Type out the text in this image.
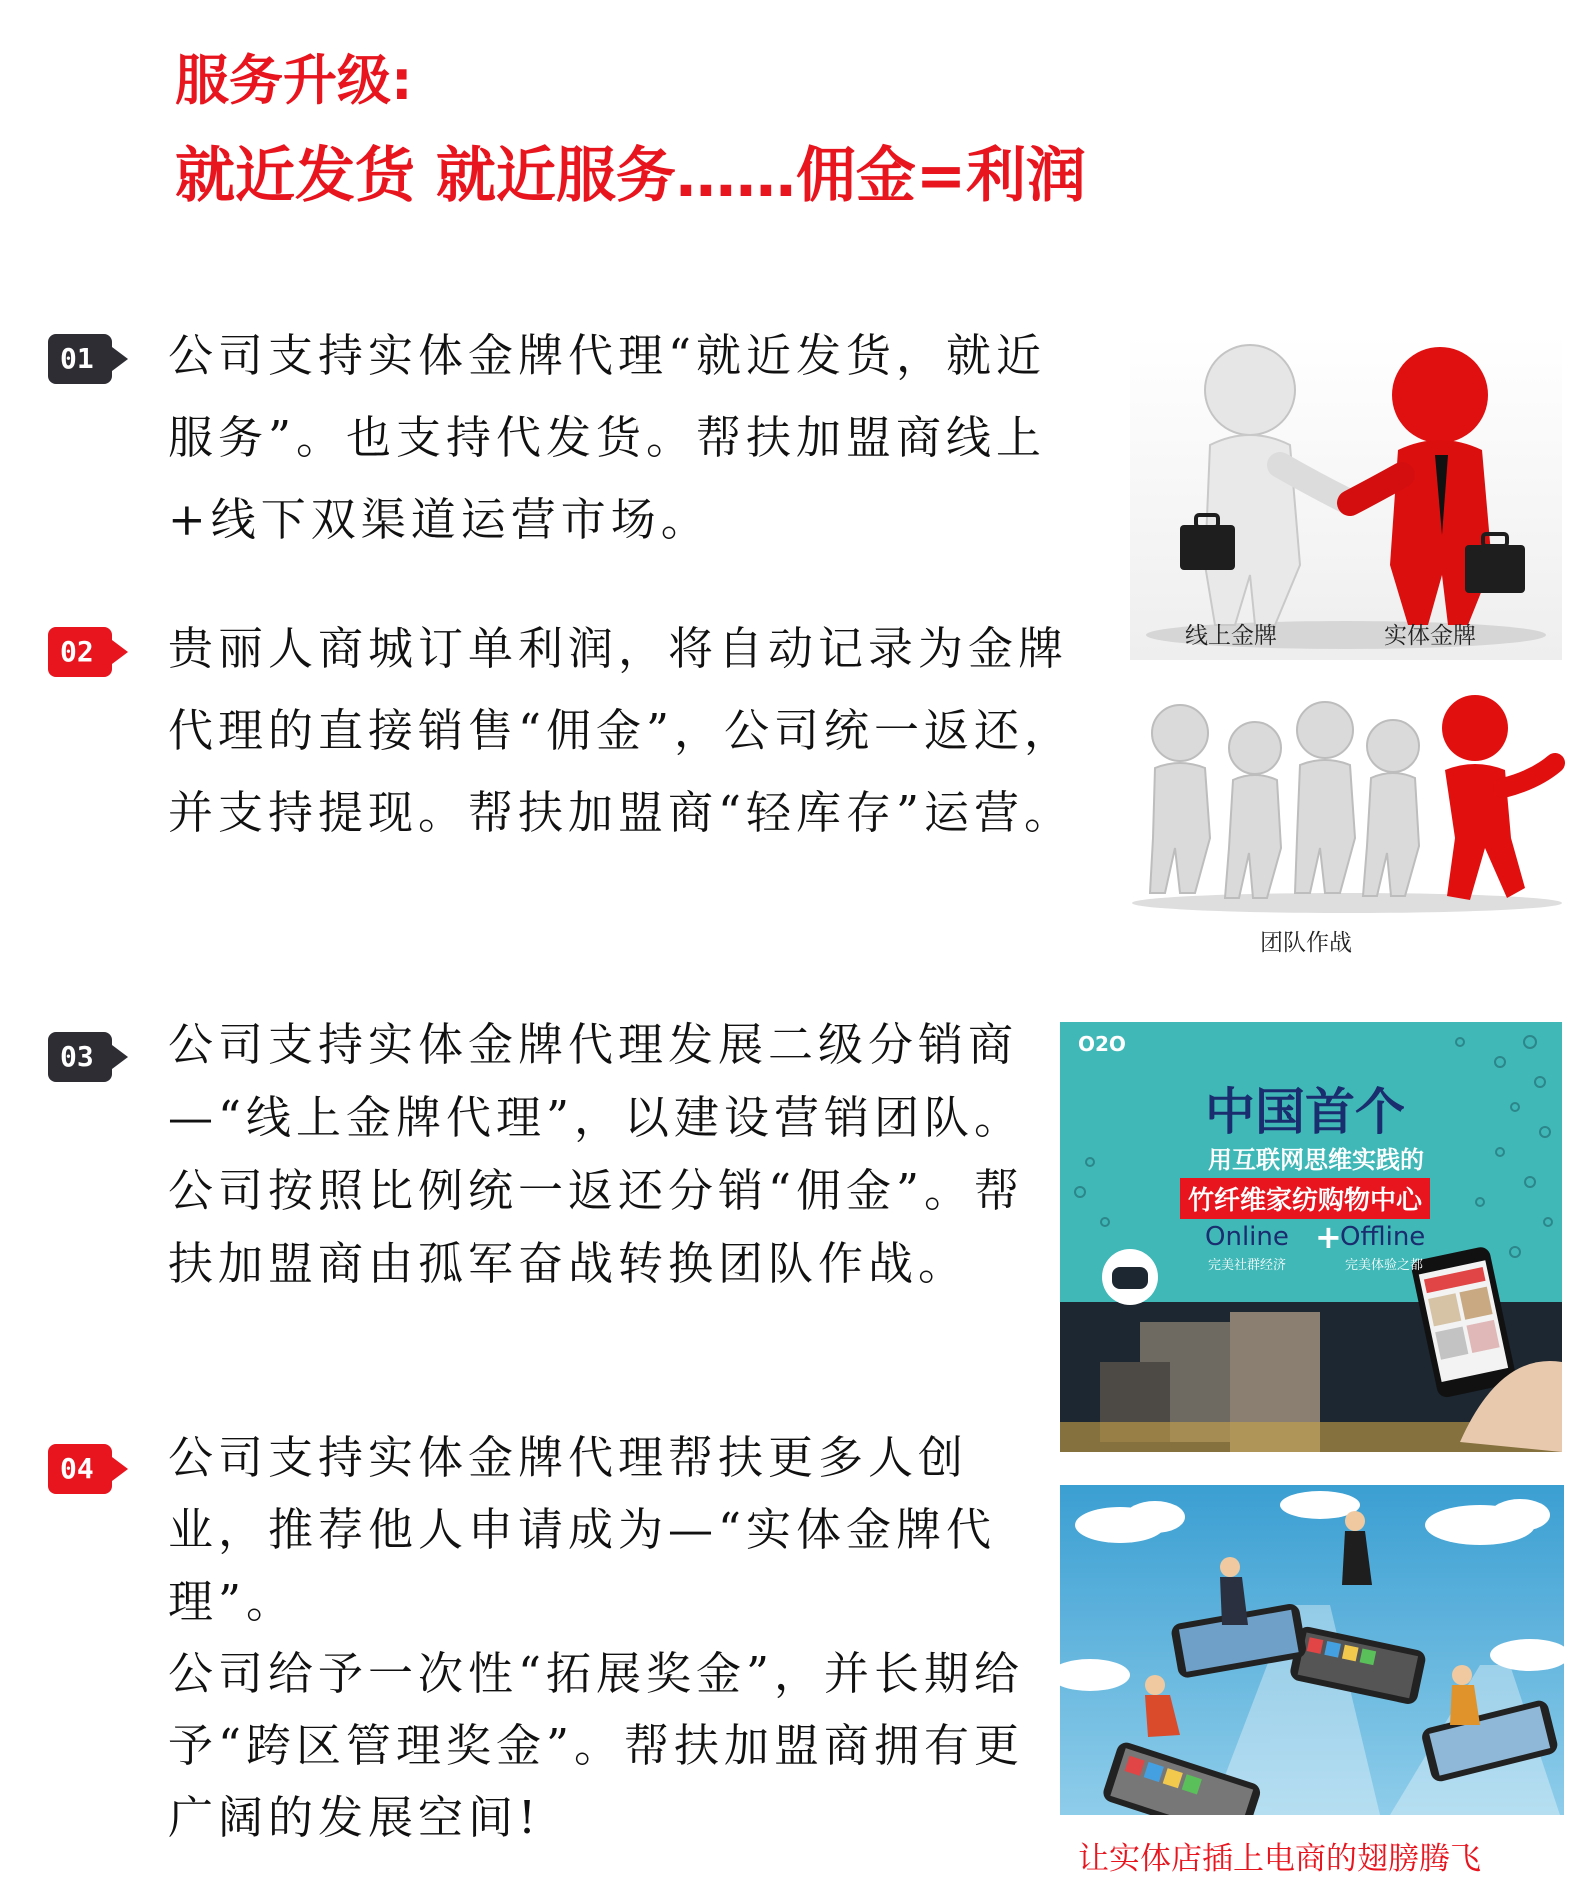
服务升级:
就近发货 就近服务……佣金=利润
01	公司支持实体金牌代理“就近发货，就近服务”。也支持代发货。帮扶加盟商线上+线下双渠道运营市场。
02	贵丽人商城订单利润，将自动记录为金牌代理的直接销售“佣金”，公司统一返还，并支持提现。帮扶加盟商“轻库存”运营。
03	公司支持实体金牌代理发展二级分销商—“线上金牌代理”，以建设营销团队。公司按照比例统一返还分销“佣金”。帮扶加盟商由孤军奋战转换团队作战。
04	公司支持实体金牌代理帮扶更多人创业，推荐他人申请成为—“实体金牌代理”。
公司给予一次性“拓展奖金”，并长期给予“跨区管理奖金”。帮扶加盟商拥有更广阔的发展空间!
线上金牌	实体金牌
团队作战
O2O
中国首个
用互联网思维实践的
竹纤维家纺购物中心
Online +
Offline
完美社群经济	完美体验之都
让实体店插上电商的翅膀腾飞
